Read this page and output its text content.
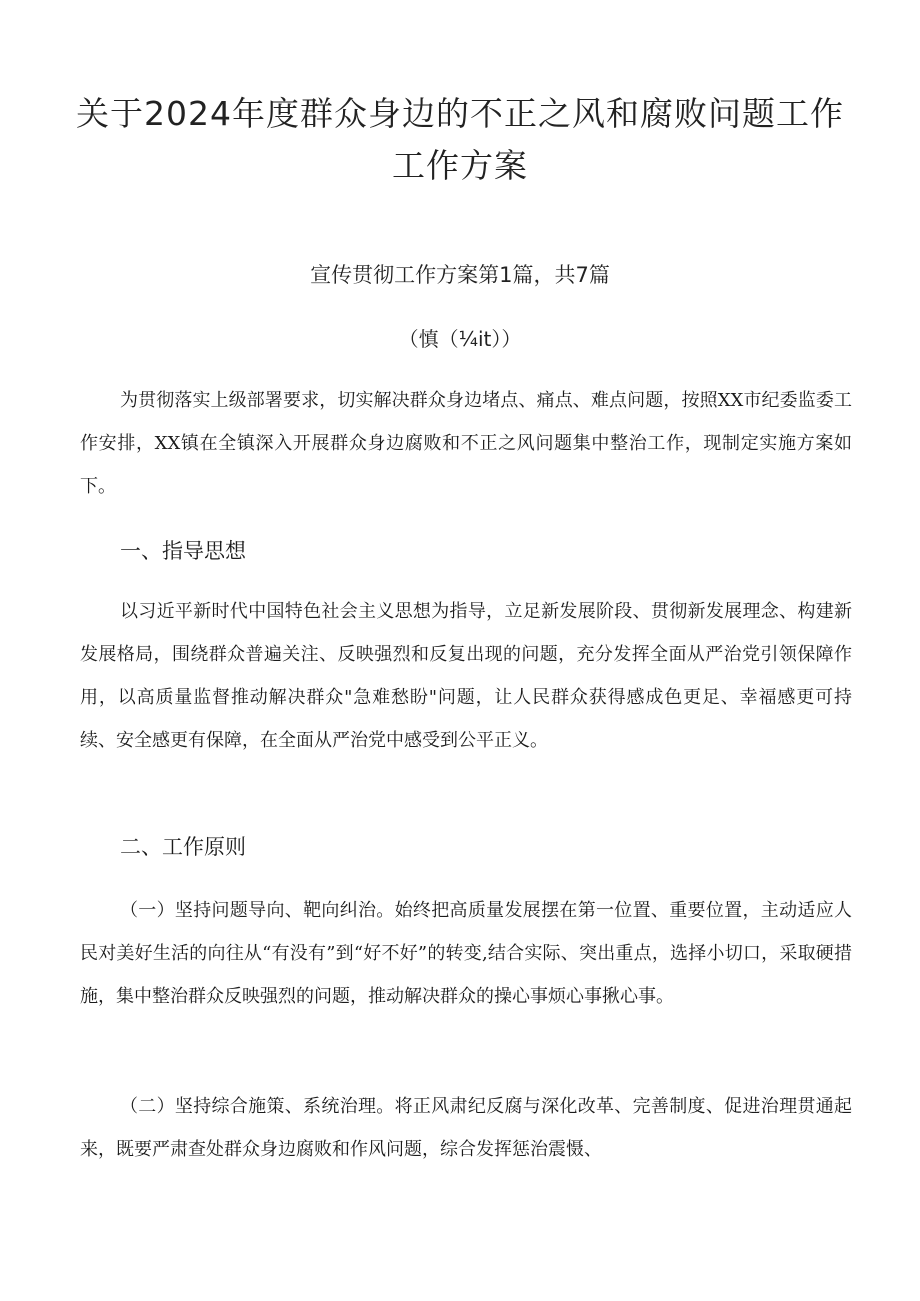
关于2024年度群众身边的不正之风和腐败问题工作工作方案
宣传贯彻工作方案第1篇，共7篇
（慎（¼it））

为贯彻落实上级部署要求，切实解决群众身边堵点、痛点、难点问题，按照XX市纪委监委工作安排，XX镇在全镇深入开展群众身边腐败和不正之风问题集中整治工作，现制定实施方案如下。

一、指导思想

以习近平新时代中国特色社会主义思想为指导，立足新发展阶段、贯彻新发展理念、构建新发展格局，围绕群众普遍关注、反映强烈和反复出现的问题，充分发挥全面从严治党引领保障作用，以高质量监督推动解决群众"急难愁盼"问题，让人民群众获得感成色更足、幸福感更可持续、安全感更有保障，在全面从严治党中感受到公平正义。

二、工作原则

（一）坚持问题导向、靶向纠治。始终把高质量发展摆在第一位置、重要位置，主动适应人民对美好生活的向往从“有没有”到“好不好”的转变,结合实际、突出重点，选择小切口，采取硬措施，集中整治群众反映强烈的问题，推动解决群众的操心事烦心事揪心事。

（二）坚持综合施策、系统治理。将正风肃纪反腐与深化改革、完善制度、促进治理贯通起来，既要严肃查处群众身边腐败和作风问题，综合发挥惩治震慑、
